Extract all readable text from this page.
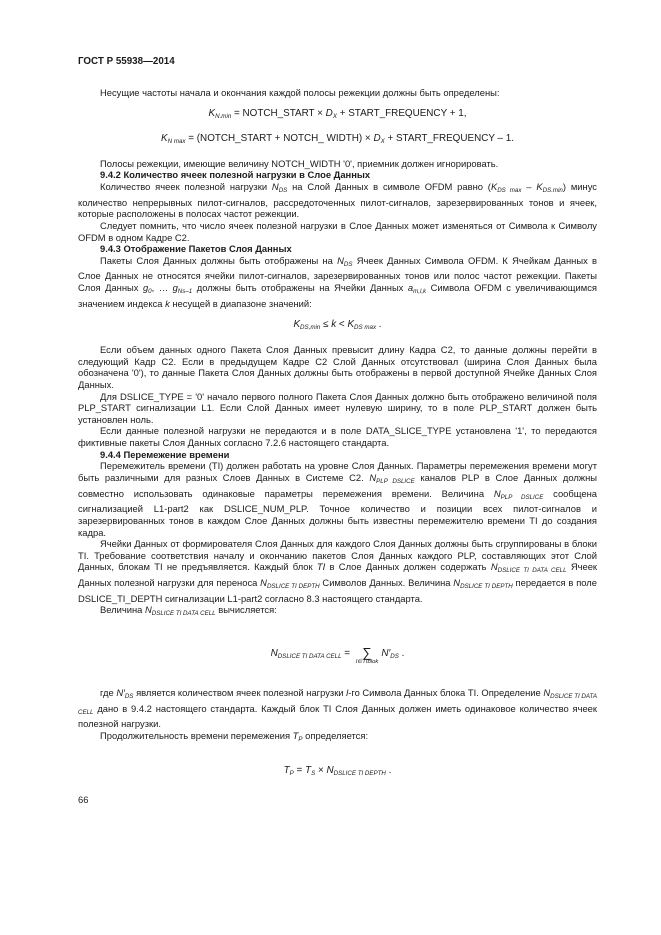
ГОСТ Р 55938—2014
Несущие частоты начала и окончания каждой полосы режекции должны быть определены:
$K_{N.min}$ = NOTCH_START × $D_X$ + START_FREQUENCY + 1,
$K_{N max}$ = (NOTCH_START + NOTCH_ WIDTH) × $D_X$ + START_FREQUENCY – 1.
Полосы режекции, имеющие величину NOTCH_WIDTH '0', приемник должен игнорировать.
9.4.2 Количество ячеек полезной нагрузки в Слое Данных
Количество ячеек полезной нагрузки $N_{DS}$ на Слой Данных в символе OFDM равно $(K_{DS max} - K_{DS.min})$ минус количество непрерывных пилот-сигналов, рассредоточенных пилот-сигналов, зарезервированных тонов и ячеек, которые расположены в полосах частот режекции.
Следует помнить, что число ячеек полезной нагрузки в Слое Данных может изменяться от Символа к Символу OFDM в одном Кадре C2.
9.4.3 Отображение Пакетов Слоя Данных
Пакеты Слоя Данных должны быть отображены на $N_{DS}$ Ячеек Данных Символа OFDM. К Ячейкам Данных в Слое Данных не относятся ячейки пилот-сигналов, зарезервированных тонов или полос частот режекции. Пакеты Слоя Данных $g_0$, … $g_{Ns-1}$ должны быть отображены на Ячейки Данных $a_{m,l,k}$ Символа OFDM с увеличивающимся значением индекса k несущей в диапазоне значений:
$K_{DS,min} \le k < K_{DS max}$ .
Если объем данных одного Пакета Слоя Данных превысит длину Кадра C2, то данные должны перейти в следующий Кадр C2. Если в предыдущем Кадре C2 Слой Данных отсутствовал (ширина Слоя Данных была обозначена '0'), то данные Пакета Слоя Данных должны быть отображены в первой доступной Ячейке Данных Слоя Данных.
Для DSLICE_TYPE = '0' начало первого полного Пакета Слоя Данных должно быть отображено величиной поля PLP_START сигнализации L1. Если Слой Данных имеет нулевую ширину, то в поле PLP_START должен быть установлен ноль.
Если данные полезной нагрузки не передаются и в поле DATA_SLICE_TYPE установлена '1', то передаются фиктивные пакеты Слоя Данных согласно 7.2.6 настоящего стандарта.
9.4.4 Перемежение времени
Перемежитель времени (TI) должен работать на уровне Слоя Данных. Параметры перемежения времени могут быть различными для разных Слоев Данных в Системе C2. $N_{PLP DSLICE}$ каналов PLP в Слое Данных должны совместно использовать одинаковые параметры перемежения времени. Величина $N_{PLP DSLICE}$ сообщена сигнализацией L1-part2 как DSLICE_NUM_PLP. Точное количество и позиции всех пилот-сигналов и зарезервированных тонов в каждом Слое Данных должны быть известны перемежителю времени TI до создания кадра.
Ячейки Данных от формирователя Слоя Данных для каждого Слоя Данных должны быть сгруппированы в блоки TI. Требование соответствия началу и окончанию пакетов Слоя Данных каждого PLP, составляющих этот Слой Данных, блокам TI не предъявляется. Каждый блок TI в Слое Данных должен содержать $N_{DSLICE TI DATA CELL}$ Ячеек Данных полезной нагрузки для переноса $N_{DSLICE TI DEPTH}$ Символов Данных. Величина $N_{DSLICE TI DEPTH}$ передается в поле DSLICE_TI_DEPTH сигнализации L1-part2 согласно 8.3 настоящего стандарта.
Величина $N_{DSLICE TI DATA CELL}$ вычисляется:
$N_{DSLICE TI DATA CELL}$ = ∑
l∈TIblok
$N'_{DS}$ .
где $N'_{DS}$ является количеством ячеек полезной нагрузки l-го Символа Данных блока TI. Определение $N_{DSLICE TI DATA CELL}$ дано в 9.4.2 настоящего стандарта. Каждый блок TI Слоя Данных должен иметь одинаковое количество ячеек полезной нагрузки.
Продолжительность времени перемежения $T_P$ определяется:
$T_P = T_S \times N_{DSLICE TI DEPTH}$ .
66
